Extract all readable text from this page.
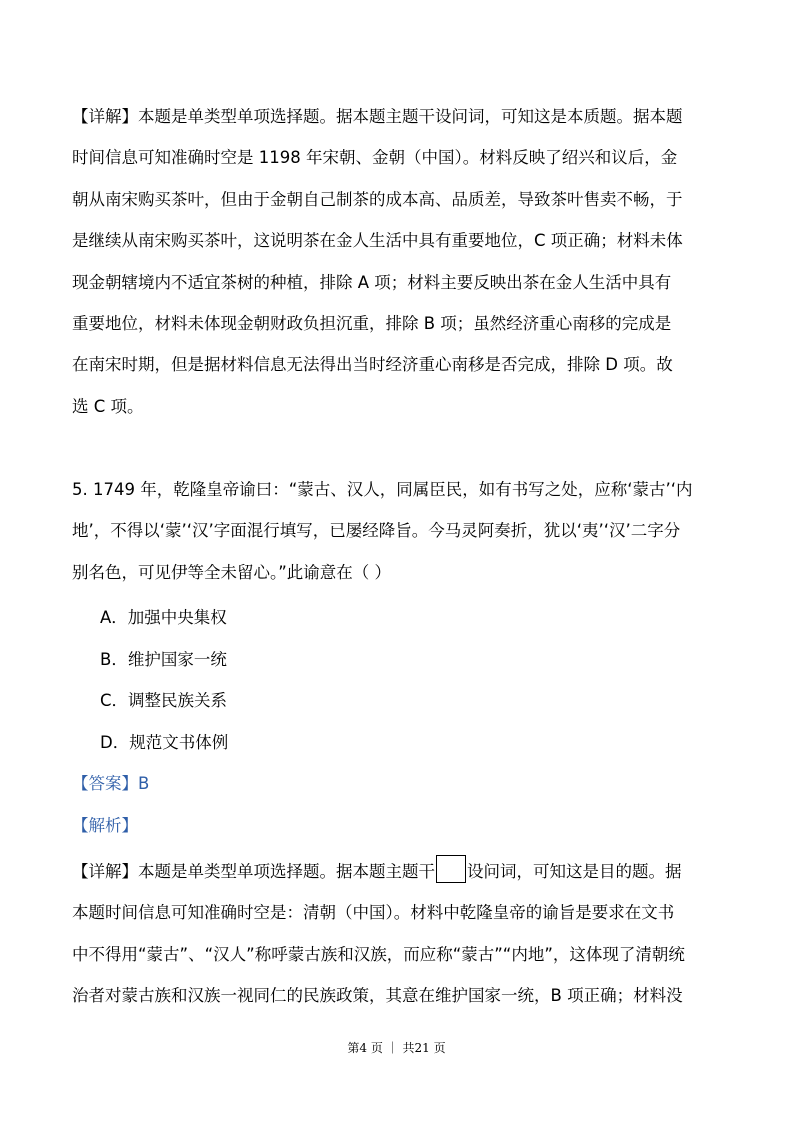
【详解】本题是单类型单项选择题。据本题主题干设问词，可知这是本质题。据本题
时间信息可知准确时空是 1198 年宋朝、金朝（中国）。材料反映了绍兴和议后，金
朝从南宋购买茶叶，但由于金朝自己制茶的成本高、品质差，导致茶叶售卖不畅，于
是继续从南宋购买茶叶，这说明茶在金人生活中具有重要地位，C 项正确；材料未体
现金朝辖境内不适宜茶树的种植，排除 A 项；材料主要反映出茶在金人生活中具有
重要地位，材料未体现金朝财政负担沉重，排除 B 项；虽然经济重心南移的完成是
在南宋时期，但是据材料信息无法得出当时经济重心南移是否完成，排除 D 项。故
选 C 项。
5. 1749 年，乾隆皇帝谕曰：“蒙古、汉人，同属臣民，如有书写之处，应称‘蒙古’‘内
地’，不得以‘蒙’‘汉’字面混行填写，已屡经降旨。今马灵阿奏折，犹以‘夷’‘汉’二字分
别名色，可见伊等全未留心。”此谕意在（ ）
A．加强中央集权
B．维护国家一统
C．调整民族关系
D．规范文书体例
【答案】B
【解析】
【详解】本题是单类型单项选择题。据本题主题干 设问词，可知这是目的题。据
本题时间信息可知准确时空是：清朝（中国）。材料中乾隆皇帝的谕旨是要求在文书
中不得用“蒙古”、“汉人”称呼蒙古族和汉族，而应称“蒙古”“内地”，这体现了清朝统
治者对蒙古族和汉族一视同仁的民族政策，其意在维护国家一统，B 项正确；材料没
第4 页 ｜ 共21 页
